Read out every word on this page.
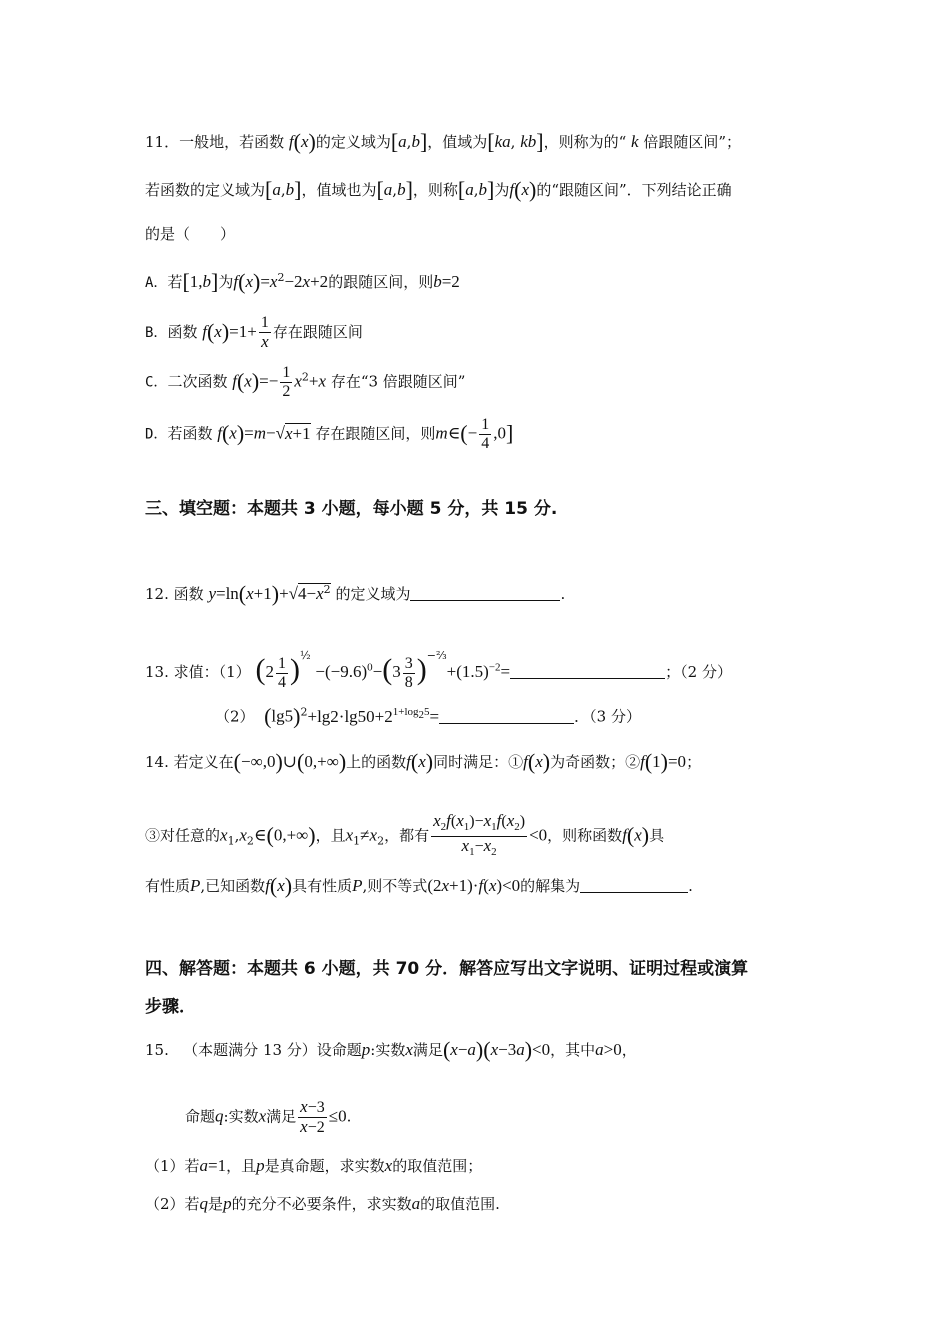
11．一般地，若函数 f(x)的定义域为[a,b]，值域为[ka, kb]，则称为的“ k 倍跟随区间”；
若函数的定义域为[a,b]，值域也为[a,b]，则称[a,b]为f(x)的“跟随区间”．下列结论正确
的是（　　）
A．若[1,b]为$f(x)=x^2-2x+2$的跟随区间，则b=2
B．函数 $f(x)=1+ \frac{1}{x}$ 存在跟随区间
C．二次函数 $f(x)=- \frac{1}{2} x^2+x$ 存在“3 倍跟随区间”
D．若函数 f(x)=m−√x+1 存在跟随区间，则m∈(− $\frac{1}{4} ,0$]
三、填空题：本题共 3 小题，每小题 5 分，共 15 分.
12. 函数 $y=\ln(x+1)+√4-x^2$ 的定义域为	.
13. 求值：（1） $(2 \frac{1}{4} )^{\frac{1}{2}} -(-9.6)^0-(3 \frac{3}{8} )^{-\frac{2}{3}}+(1.5)^{-2}=$	；（2 分）
（2） $(\lg 5)^2+\lg 2\cdot\lg 50+2^{1+log_25}=$	．（3 分）
14. 若定义在(−∞,0)∪(0,+∞)上的函数f(x)同时满足：①f(x)为奇函数；②f(1)=0；
③对任意的$x_1,x_2\in(0,+\infty)$，且$x_1\ne x_2$，都有 $\frac{x_2f(x_1)-x_1f(x_2)}{x_1-x_2} <0$，则称函数f(x)具
有性质P,已知函数f(x)具有性质P,则不等式(2x+1)·f(x)<0的解集为	.
四、解答题：本题共 6 小题，共 70 分．解答应写出文字说明、证明过程或演算
步骤．
15. （本题满分 13 分）设命题p:实数x满足(x−a)(x−3a)<0，其中a>0，
命题q:实数x满足 $\frac{x-3}{x-2} \le 0$.
（1）若a=1，且p是真命题，求实数x的取值范围；
（2）若q是p的充分不必要条件，求实数a的取值范围.
